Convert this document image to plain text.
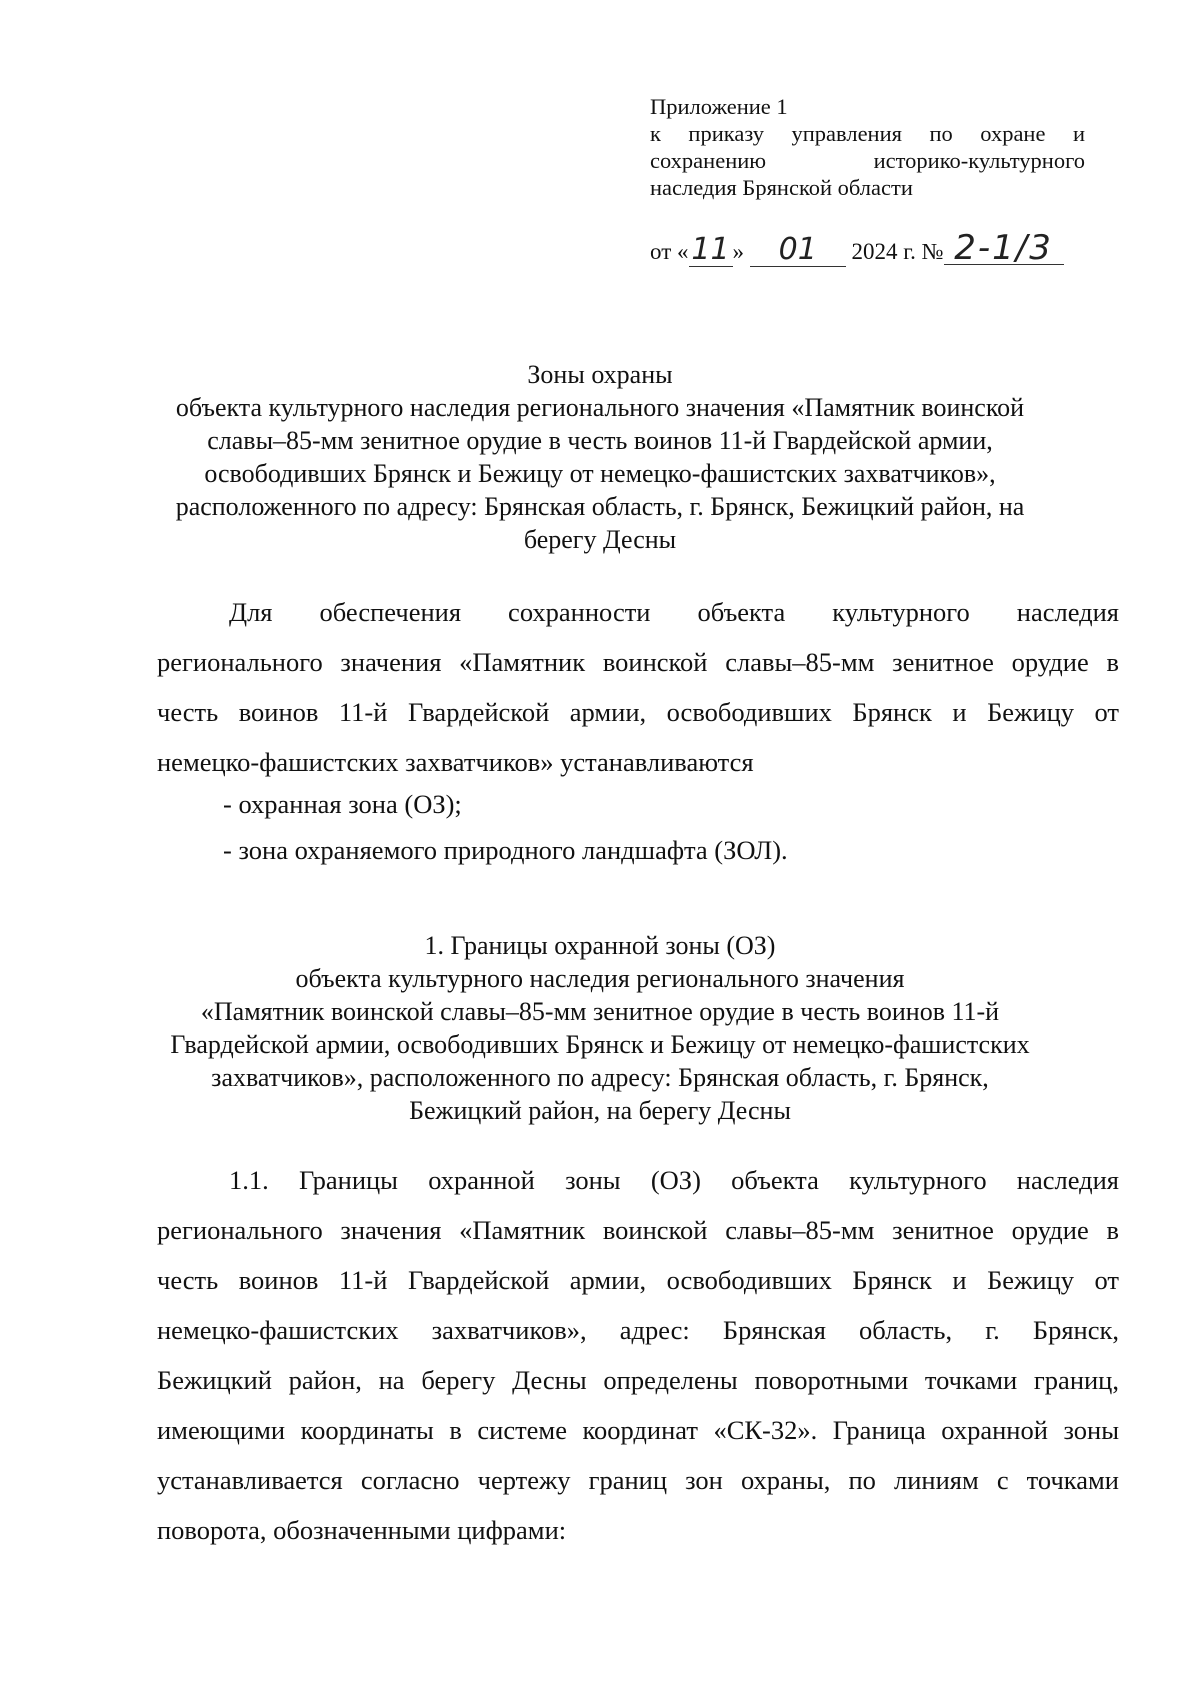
Приложение 1
к приказу управления по охране и
сохранению историко-культурного
наследия Брянской области
от «11 » 01 2024 г. № 2-1/3
Зоны охраны
объекта культурного наследия регионального значения «Памятник воинской
славы–85-мм зенитное орудие в честь воинов 11-й Гвардейской армии,
освободивших Брянск и Бежицу от немецко-фашистских захватчиков»,
расположенного по адресу: Брянская область, г. Брянск, Бежицкий район, на
берегу Десны
Для обеспечения сохранности объекта культурного наследия
регионального значения «Памятник воинской славы–85-мм зенитное орудие в
честь воинов 11-й Гвардейской армии, освободивших Брянск и Бежицу от
немецко-фашистских захватчиков» устанавливаются
- охранная зона (ОЗ);
- зона охраняемого природного ландшафта (ЗОЛ).
1. Границы охранной зоны (ОЗ)
объекта культурного наследия регионального значения
«Памятник воинской славы–85-мм зенитное орудие в честь воинов 11-й
Гвардейской армии, освободивших Брянск и Бежицу от немецко-фашистских
захватчиков», расположенного по адресу: Брянская область, г. Брянск,
Бежицкий район, на берегу Десны
1.1. Границы охранной зоны (ОЗ) объекта культурного наследия
регионального значения «Памятник воинской славы–85-мм зенитное орудие в
честь воинов 11-й Гвардейской армии, освободивших Брянск и Бежицу от
немецко-фашистских захватчиков», адрес: Брянская область, г. Брянск,
Бежицкий район, на берегу Десны определены поворотными точками границ,
имеющими координаты в системе координат «СК-32». Граница охранной зоны
устанавливается согласно чертежу границ зон охраны, по линиям с точками
поворота, обозначенными цифрами:
